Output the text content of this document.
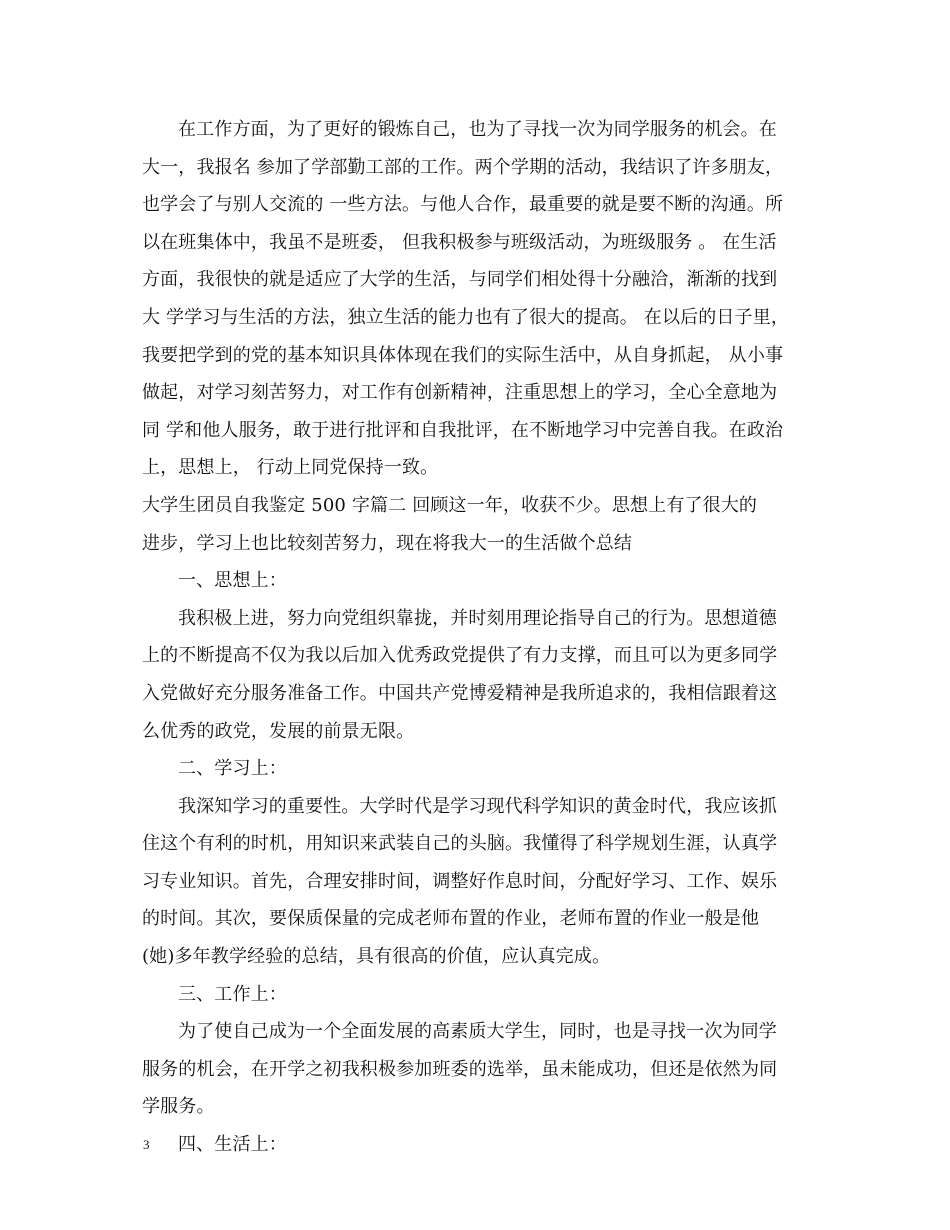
在工作方面，为了更好的锻炼自己，也为了寻找一次为同学服务的机会。在
大一，我报名 参加了学部勤工部的工作。两个学期的活动，我结识了许多朋友，
也学会了与别人交流的 一些方法。与他人合作，最重要的就是要不断的沟通。所
以在班集体中，我虽不是班委， 但我积极参与班级活动，为班级服务 。 在生活
方面，我很快的就是适应了大学的生活，与同学们相处得十分融洽，渐渐的找到
大 学学习与生活的方法，独立生活的能力也有了很大的提高。 在以后的日子里，
我要把学到的党的基本知识具体体现在我们的实际生活中，从自身抓起， 从小事
做起，对学习刻苦努力，对工作有创新精神，注重思想上的学习，全心全意地为
同 学和他人服务，敢于进行批评和自我批评，在不断地学习中完善自我。在政治
上，思想上， 行动上同党保持一致。
大学生团员自我鉴定 500 字篇二 回顾这一年，收获不少。思想上有了很大的
进步，学习上也比较刻苦努力，现在将我大一的生活做个总结
一、思想上：
我积极上进，努力向党组织靠拢，并时刻用理论指导自己的行为。思想道德
上的不断提高不仅为我以后加入优秀政党提供了有力支撑，而且可以为更多同学
入党做好充分服务准备工作。中国共产党博爱精神是我所追求的，我相信跟着这
么优秀的政党，发展的前景无限。
二、学习上：
我深知学习的重要性。大学时代是学习现代科学知识的黄金时代，我应该抓
住这个有利的时机，用知识来武装自己的头脑。我懂得了科学规划生涯，认真学
习专业知识。首先，合理安排时间，调整好作息时间，分配好学习、工作、娱乐
的时间。其次，要保质保量的完成老师布置的作业，老师布置的作业一般是他
(她)多年教学经验的总结，具有很高的价值，应认真完成。
三、工作上：
为了使自己成为一个全面发展的高素质大学生，同时，也是寻找一次为同学
服务的机会，在开学之初我积极参加班委的选举，虽未能成功，但还是依然为同
学服务。
四、生活上：
3
